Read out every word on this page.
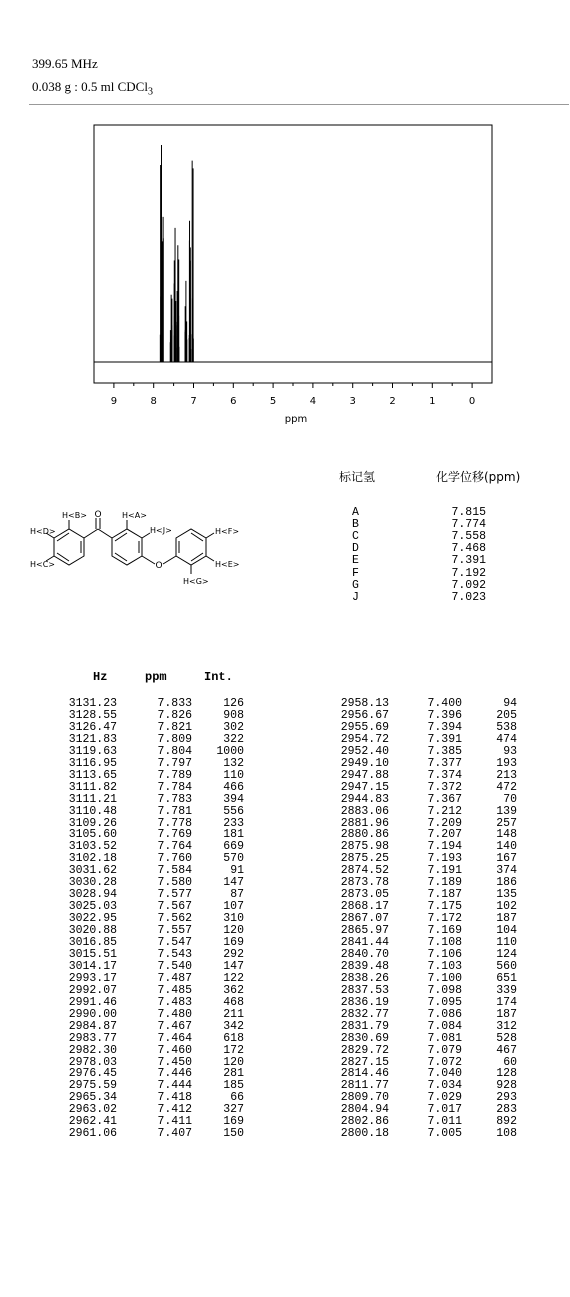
399.65 MHz
0.038 g : 0.5 ml CDCl$_3$
9	8	7	6	5	4	3	2	1	0
ppm
O
O
H<B>
H<D>
H<C>
H<A>
H<J>	H<F>
H<E>
H<G>
标记氢	化学位移(ppm)
A	7.815
B	7.774
C	7.558
D	7.468
E	7.391
F	7.192
G	7.092
J	7.023
Hz	ppm	Int.
3131.23	7.833	126
3128.55	7.826	908
3126.47	7.821	302
3121.83	7.809	322
3119.63	7.804	1000
3116.95	7.797	132
3113.65	7.789	110
3111.82	7.784	466
3111.21	7.783	394
3110.48	7.781	556
3109.26	7.778	233
3105.60	7.769	181
3103.52	7.764	669
3102.18	7.760	570
3031.62	7.584	91
3030.28	7.580	147
3028.94	7.577	87
3025.03	7.567	107
3022.95	7.562	310
3020.88	7.557	120
3016.85	7.547	169
3015.51	7.543	292
3014.17	7.540	147
2993.17	7.487	122
2992.07	7.485	362
2991.46	7.483	468
2990.00	7.480	211
2984.87	7.467	342
2983.77	7.464	618
2982.30	7.460	172
2978.03	7.450	120
2976.45	7.446	281
2975.59	7.444	185
2965.34	7.418	66
2963.02	7.412	327
2962.41	7.411	169
2961.06	7.407	150
2958.13	7.400	94
2956.67	7.396	205
2955.69	7.394	538
2954.72	7.391	474
2952.40	7.385	93
2949.10	7.377	193
2947.88	7.374	213
2947.15	7.372	472
2944.83	7.367	70
2883.06	7.212	139
2881.96	7.209	257
2880.86	7.207	148
2875.98	7.194	140
2875.25	7.193	167
2874.52	7.191	374
2873.78	7.189	186
2873.05	7.187	135
2868.17	7.175	102
2867.07	7.172	187
2865.97	7.169	104
2841.44	7.108	110
2840.70	7.106	124
2839.48	7.103	560
2838.26	7.100	651
2837.53	7.098	339
2836.19	7.095	174
2832.77	7.086	187
2831.79	7.084	312
2830.69	7.081	528
2829.72	7.079	467
2827.15	7.072	60
2814.46	7.040	128
2811.77	7.034	928
2809.70	7.029	293
2804.94	7.017	283
2802.86	7.011	892
2800.18	7.005	108
